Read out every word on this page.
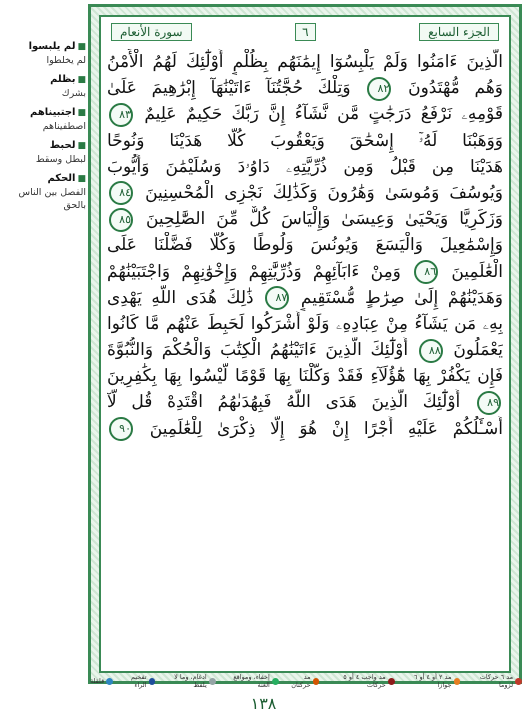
■ لم يلبسوا
لم يخلطوا
■ بظلم
بشرك
■ اجتبيناهم
اصطفيناهم
■ لحبط
لبطل وسقط
■ الحكم
الفصل بين الناس بالحق
الجزء السابع
٦
سورة الأنعام
الَّذِينَ ءَامَنُوا وَلَمْ يَلْبِسُوٓا إِيمَٰنَهُم بِظُلْمٍ أُوْلَٰٓئِكَ لَهُمُ الْأَمْنُ
وَهُم مُّهْتَدُونَ ٨٢ وَتِلْكَ حُجَّتُنَآ ءَاتَيْنَٰهَآ إِبْرَٰهِيمَ عَلَىٰ
قَوْمِهِۦ نَرْفَعُ دَرَجَٰتٍ مَّن نَّشَآءُ إِنَّ رَبَّكَ حَكِيمٌ عَلِيمٌ ٨٣
وَوَهَبْنَا لَهُۥٓ إِسْحَٰقَ وَيَعْقُوبَ كُلًّا هَدَيْنَا وَنُوحًا
هَدَيْنَا مِن قَبْلُ وَمِن ذُرِّيَّتِهِۦ دَاوُۥدَ وَسُلَيْمَٰنَ وَأَيُّوبَ
وَيُوسُفَ وَمُوسَىٰ وَهَٰرُونَ وَكَذَٰلِكَ نَجْزِى الْمُحْسِنِينَ ٨٤
وَزَكَرِيَّا وَيَحْيَىٰ وَعِيسَىٰ وَإِلْيَاسَ كُلٌّ مِّنَ الصَّٰلِحِينَ ٨٥
وَإِسْمَٰعِيلَ وَالْيَسَعَ وَيُونُسَ وَلُوطًا وَكُلًّا فَضَّلْنَا عَلَى
الْعَٰلَمِينَ ٨٦ وَمِنْ ءَابَآئِهِمْ وَذُرِّيَّٰتِهِمْ وَإِخْوَٰنِهِمْ وَاجْتَبَيْنَٰهُمْ
وَهَدَيْنَٰهُمْ إِلَىٰ صِرَٰطٍ مُّسْتَقِيمٍ ٨٧ ذَٰلِكَ هُدَى اللَّهِ يَهْدِى
بِهِۦ مَن يَشَآءُ مِنْ عِبَادِهِۦ وَلَوْ أَشْرَكُوا لَحَبِطَ عَنْهُم مَّا كَانُوا
يَعْمَلُونَ ٨٨ أُوْلَٰٓئِكَ الَّذِينَ ءَاتَيْنَٰهُمُ الْكِتَٰبَ وَالْحُكْمَ وَالنُّبُوَّةَ
فَإِن يَكْفُرْ بِهَا هَٰٓؤُلَآءِ فَقَدْ وَكَّلْنَا بِهَا قَوْمًا لَّيْسُوا بِهَا بِكَٰفِرِينَ
٨٩ أُوْلَٰٓئِكَ الَّذِينَ هَدَى اللَّهُ فَبِهُدَىٰهُمُ اقْتَدِهْ قُل لَّآ
أَسْـَٔلُكُمْ عَلَيْهِ أَجْرًا إِنْ هُوَ إِلَّا ذِكْرَىٰ لِلْعَٰلَمِينَ ٩٠
مد ٦ حركات لزوما
مد ٢ أو ٤ أو ٦ جوازا
مد واجب ٤ أو ٥ حركات
مد حركتان
إخفاء، ومواقع الغنة
ادغام، وما لا يلفظ
تفخيم الراء
قلقلة
١٣٨
